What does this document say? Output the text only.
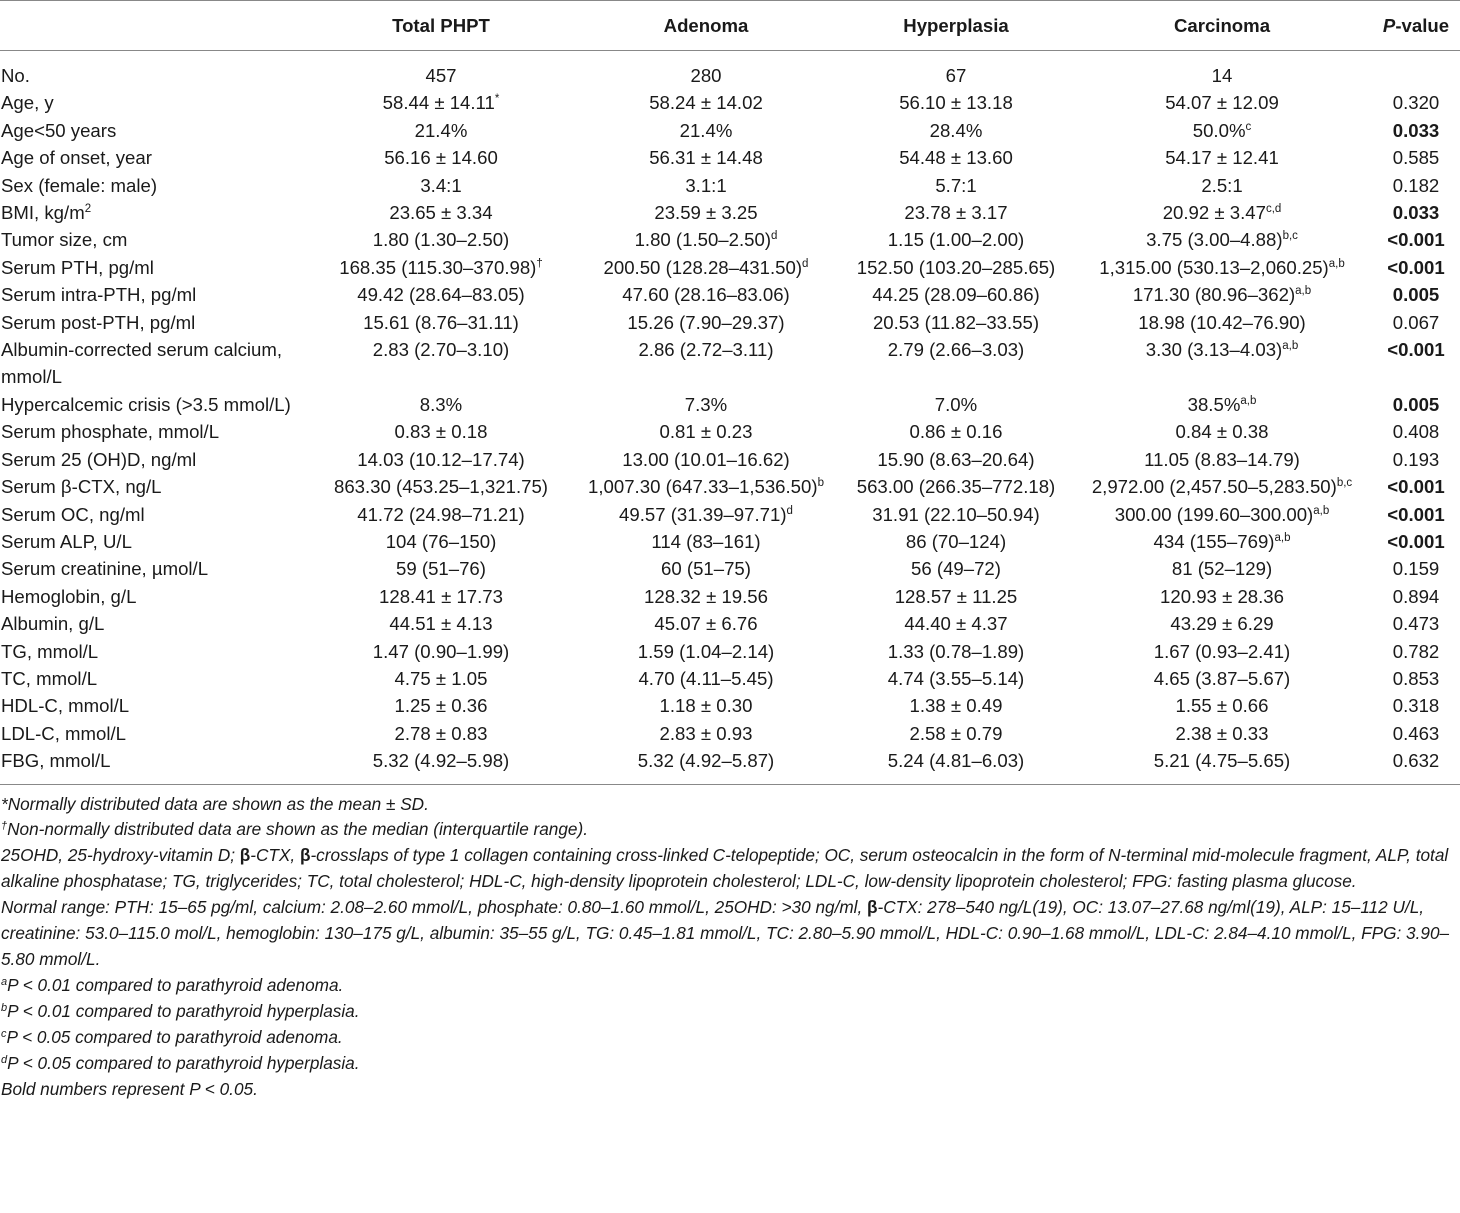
	Total PHPT	Adenoma	Hyperplasia	Carcinoma	P-value
No.	457	280	67	14	
Age, y	58.44 ± 14.11*	58.24 ± 14.02	56.10 ± 13.18	54.07 ± 12.09	0.320
Age<50 years	21.4%	21.4%	28.4%	50.0%$^c$	0.033
Age of onset, year	56.16 ± 14.60	56.31 ± 14.48	54.48 ± 13.60	54.17 ± 12.41	0.585
Sex (female: male)	3.4:1	3.1:1	5.7:1	2.5:1	0.182
BMI, $kg/m^2$	23.65 ± 3.34	23.59 ± 3.25	23.78 ± 3.17	$20.92 \pm 3.47^{c,d}$	0.033
Tumor size, cm	1.80 (1.30–2.50)	1.80 $(1.50-2.50)^d$	1.15 (1.00–2.00)	3.75 $(3.00-4.88)^{b,c}$	<0.001
Serum PTH, pg/ml	168.35 (115.30–370.98)†	200.50 $(128.28-431.50)^d$	152.50 (103.20–285.65)	1,315.00 $(530.13-2,060.25)^{a,b}$	<0.001
Serum intra-PTH, pg/ml	49.42 (28.64–83.05)	47.60 (28.16–83.06)	44.25 (28.09–60.86)	171.30 $(80.96-362)^{a,b}$	0.005
Serum post-PTH, pg/ml	15.61 (8.76–31.11)	15.26 (7.90–29.37)	20.53 (11.82–33.55)	18.98 (10.42–76.90)	0.067
Albumin-corrected serum calcium, mmol/L	2.83 (2.70–3.10)	2.86 (2.72–3.11)	2.79 (2.66–3.03)	3.30 $(3.13-4.03)^{a,b}$	<0.001
Hypercalcemic crisis (>3.5 mmol/L)	8.3%	7.3%	7.0%	38.5%$^{a,b}$	0.005
Serum phosphate, mmol/L	0.83 ± 0.18	0.81 ± 0.23	0.86 ± 0.16	0.84 ± 0.38	0.408
Serum 25 (OH)D, ng/ml	14.03 (10.12–17.74)	13.00 (10.01–16.62)	15.90 (8.63–20.64)	11.05 (8.83–14.79)	0.193
Serum β-CTX, ng/L	863.30 (453.25–1,321.75)	1,007.30 $(647.33-1,536.50)^b$	563.00 (266.35–772.18)	2,972.00 $(2,457.50-5,283.50)^{b,c}$	<0.001
Serum OC, ng/ml	41.72 (24.98–71.21)	49.57 $(31.39-97.71)^d$	31.91 (22.10–50.94)	300.00 $(199.60-300.00)^{a,b}$	<0.001
Serum ALP, U/L	104 (76–150)	114 (83–161)	86 (70–124)	434 $(155-769)^{a,b}$	<0.001
Serum creatinine, µmol/L	59 (51–76)	60 (51–75)	56 (49–72)	81 (52–129)	0.159
Hemoglobin, g/L	128.41 ± 17.73	128.32 ± 19.56	128.57 ± 11.25	120.93 ± 28.36	0.894
Albumin, g/L	44.51 ± 4.13	45.07 ± 6.76	44.40 ± 4.37	43.29 ± 6.29	0.473
TG, mmol/L	1.47 (0.90–1.99)	1.59 (1.04–2.14)	1.33 (0.78–1.89)	1.67 (0.93–2.41)	0.782
TC, mmol/L	4.75 ± 1.05	4.70 (4.11–5.45)	4.74 (3.55–5.14)	4.65 (3.87–5.67)	0.853
HDL-C, mmol/L	1.25 ± 0.36	1.18 ± 0.30	1.38 ± 0.49	1.55 ± 0.66	0.318
LDL-C, mmol/L	2.78 ± 0.83	2.83 ± 0.93	2.58 ± 0.79	2.38 ± 0.33	0.463
FBG, mmol/L	5.32 (4.92–5.98)	5.32 (4.92–5.87)	5.24 (4.81–6.03)	5.21 (4.75–5.65)	0.632

*Normally distributed data are shown as the mean ± SD.

†Non-normally distributed data are shown as the median (interquartile range).

25OHD, 25-hydroxy-vitamin D; β-CTX, β-crosslaps of type 1 collagen containing cross-linked C-telopeptide; OC, serum osteocalcin in the form of N-terminal mid-molecule fragment, ALP, total alkaline phosphatase; TG, triglycerides; TC, total cholesterol; HDL-C, high-density lipoprotein cholesterol; LDL-C, low-density lipoprotein cholesterol; FPG: fasting plasma glucose.

Normal range: PTH: 15–65 pg/ml, calcium: 2.08–2.60 mmol/L, phosphate: 0.80–1.60 mmol/L, 25OHD: >30 ng/ml, β-CTX: 278–540 ng/L(19), OC: 13.07–27.68 ng/ml(19), ALP: 15–112 U/L, creatinine: 53.0–115.0 mol/L, hemoglobin: 130–175 g/L, albumin: 35–55 g/L, TG: 0.45–1.81 mmol/L, TC: 2.80–5.90 mmol/L, HDL-C: 0.90–1.68 mmol/L, LDL-C: 2.84–4.10 mmol/L, FPG: 3.90–5.80 mmol/L.

$^a$P < 0.01 compared to parathyroid adenoma.

$^b$P < 0.01 compared to parathyroid hyperplasia.

$^c$P < 0.05 compared to parathyroid adenoma.

$^d$P < 0.05 compared to parathyroid hyperplasia.

Bold numbers represent P < 0.05.
